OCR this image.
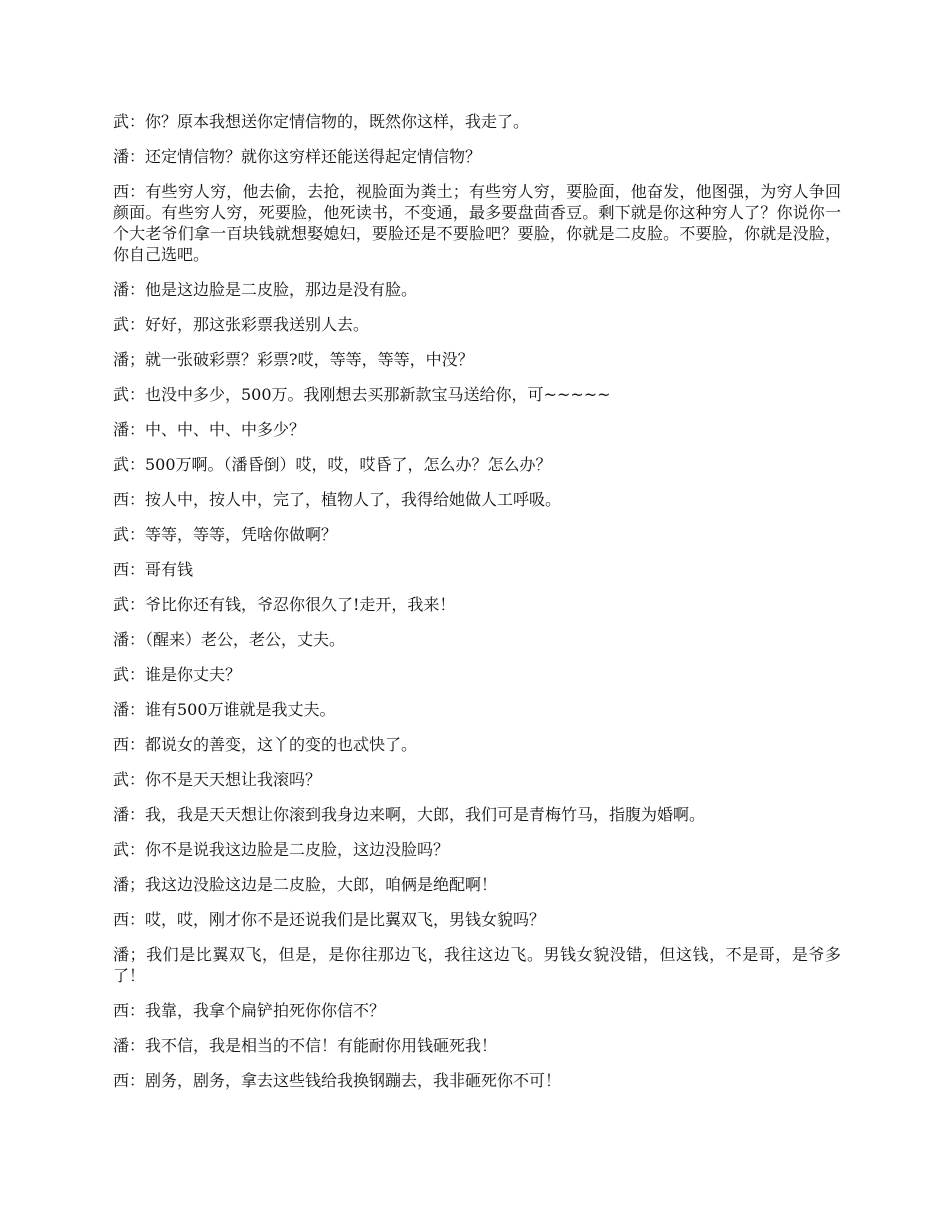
武：你？原本我想送你定情信物的，既然你这样，我走了。

潘：还定情信物？就你这穷样还能送得起定情信物？

西：有些穷人穷，他去偷，去抢，视脸面为粪土；有些穷人穷，要脸面，他奋发，他图强，为穷人争回颜面。有些穷人穷，死要脸，他死读书，不变通，最多要盘茴香豆。剩下就是你这种穷人了？你说你一个大老爷们拿一百块钱就想娶媳妇，要脸还是不要脸吧？要脸，你就是二皮脸。不要脸，你就是没脸，你自己选吧。

潘：他是这边脸是二皮脸，那边是没有脸。

武：好好，那这张彩票我送别人去。

潘；就一张破彩票？彩票?哎，等等，等等，中没？

武：也没中多少，500万。我刚想去买那新款宝马送给你，可~~~~~

潘：中、中、中、中多少？

武：500万啊。（潘昏倒）哎，哎，哎昏了，怎么办？怎么办？

西：按人中，按人中，完了，植物人了，我得给她做人工呼吸。

武：等等，等等，凭啥你做啊？

西：哥有钱

武：爷比你还有钱，爷忍你很久了!走开，我来！

潘：（醒来）老公，老公，丈夫。

武：谁是你丈夫？

潘：谁有500万谁就是我丈夫。

西：都说女的善变，这丫的变的也忒快了。

武：你不是天天想让我滚吗？

潘：我，我是天天想让你滚到我身边来啊，大郎，我们可是青梅竹马，指腹为婚啊。

武：你不是说我这边脸是二皮脸，这边没脸吗？

潘；我这边没脸这边是二皮脸，大郎，咱俩是绝配啊！

西：哎，哎，刚才你不是还说我们是比翼双飞，男钱女貌吗？

潘；我们是比翼双飞，但是，是你往那边飞，我往这边飞。男钱女貌没错，但这钱，不是哥，是爷多了！

西：我靠，我拿个扁铲拍死你你信不？

潘：我不信，我是相当的不信！有能耐你用钱砸死我！

西：剧务，剧务，拿去这些钱给我换钢蹦去，我非砸死你不可！
